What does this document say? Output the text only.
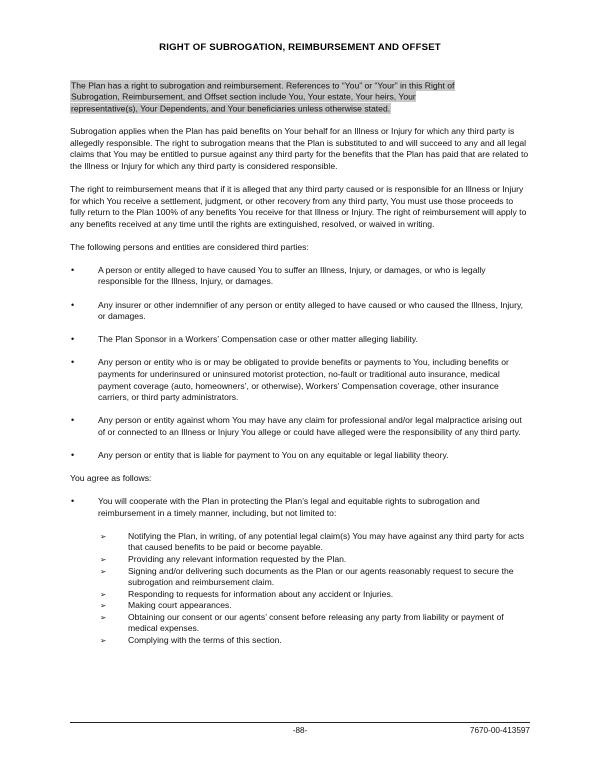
RIGHT OF SUBROGATION, REIMBURSEMENT AND OFFSET
The Plan has a right to subrogation and reimbursement. References to “You” or “Your” in this Right of
Subrogation, Reimbursement, and Offset section include You, Your estate, Your heirs, Your
representative(s), Your Dependents, and Your beneficiaries unless otherwise stated.

Subrogation applies when the Plan has paid benefits on Your behalf for an Illness or Injury for which any third party is allegedly responsible. The right to subrogation means that the Plan is substituted to and will succeed to any and all legal claims that You may be entitled to pursue against any third party for the benefits that the Plan has paid that are related to the Illness or Injury for which any third party is considered responsible.

The right to reimbursement means that if it is alleged that any third party caused or is responsible for an Illness or Injury for which You receive a settlement, judgment, or other recovery from any third party, You must use those proceeds to fully return to the Plan 100% of any benefits You receive for that Illness or Injury. The right of reimbursement will apply to any benefits received at any time until the rights are extinguished, resolved, or waived in writing.

The following persons and entities are considered third parties:

•	A person or entity alleged to have caused You to suffer an Illness, Injury, or damages, or who is legally responsible for the Illness, Injury, or damages.
•	Any insurer or other indemnifier of any person or entity alleged to have caused or who caused the Illness, Injury, or damages.
•	The Plan Sponsor in a Workers’ Compensation case or other matter alleging liability.
•	Any person or entity who is or may be obligated to provide benefits or payments to You, including benefits or payments for underinsured or uninsured motorist protection, no-fault or traditional auto insurance, medical payment coverage (auto, homeowners’, or otherwise), Workers’ Compensation coverage, other insurance carriers, or third party administrators.
•	Any person or entity against whom You may have any claim for professional and/or legal malpractice arising out of or connected to an Illness or Injury You allege or could have alleged were the responsibility of any third party.
•	Any person or entity that is liable for payment to You on any equitable or legal liability theory.

You agree as follows:

•	You will cooperate with the Plan in protecting the Plan’s legal and equitable rights to subrogation and reimbursement in a timely manner, including, but not limited to:
➢	Notifying the Plan, in writing, of any potential legal claim(s) You may have against any third party for acts that caused benefits to be paid or become payable.
➢	Providing any relevant information requested by the Plan.
➢	Signing and/or delivering such documents as the Plan or our agents reasonably request to secure the subrogation and reimbursement claim.
➢	Responding to requests for information about any accident or Injuries.
➢	Making court appearances.
➢	Obtaining our consent or our agents’ consent before releasing any party from liability or payment of medical expenses.
➢	Complying with the terms of this section.
-88-	7670-00-413597
